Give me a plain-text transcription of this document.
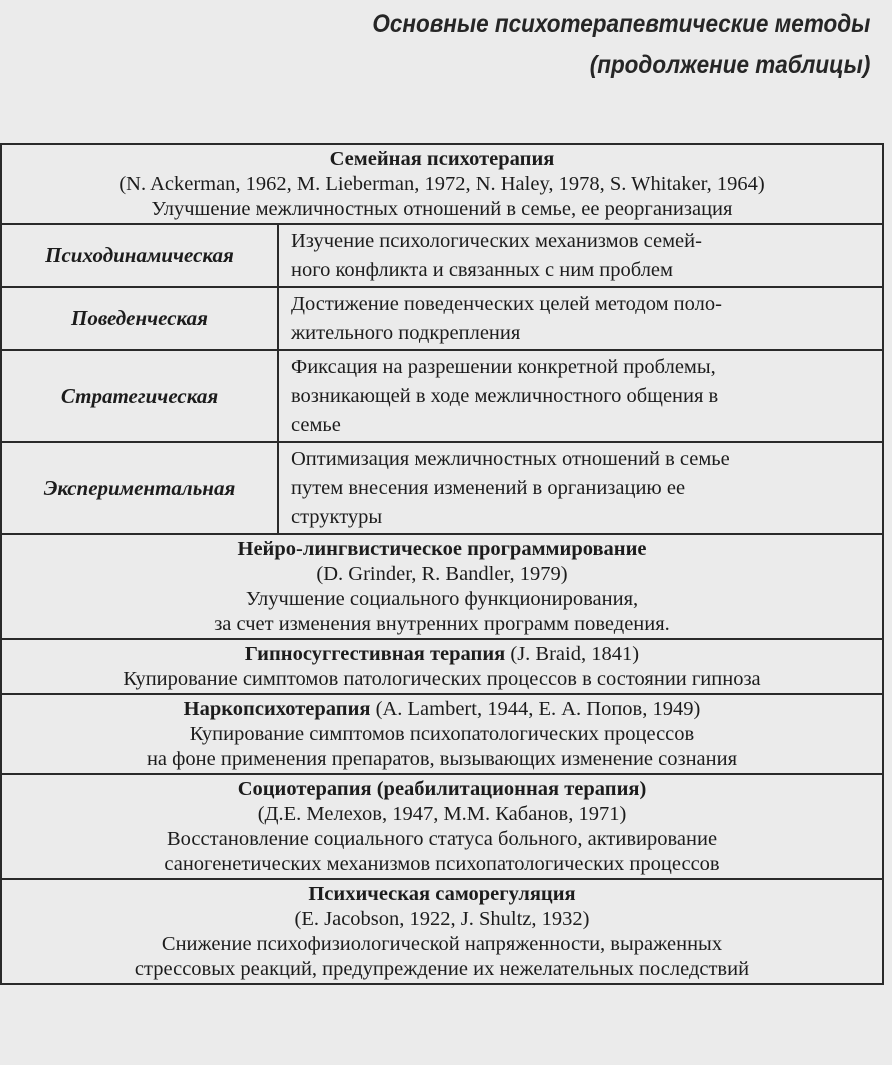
Основные психотерапевтические методы
(продолжение таблицы)
Семейная психотерапия
(N. Ackerman, 1962, M. Lieberman, 1972, N. Haley, 1978, S. Whitaker, 1964)
Улучшение межличностных отношений в семье, ее реорганизация
Психодинамическая
Изучение психологических механизмов семей-
ного конфликта и связанных с ним проблем
Поведенческая
Достижение поведенческих целей методом поло-
жительного подкрепления
Стратегическая
Фиксация на разрешении конкретной проблемы,
возникающей в ходе межличностного общения в
семье
Экспериментальная
Оптимизация межличностных отношений в семье
путем внесения изменений в организацию ее
структуры
Нейро-лингвистическое программирование
(D. Grinder, R. Bandler, 1979)
Улучшение социального функционирования,
за счет изменения внутренних программ поведения.
Гипносуггестивная терапия (J. Braid, 1841)
Купирование симптомов патологических процессов в состоянии гипноза
Наркопсихотерапия (A. Lambert, 1944, Е. А. Попов, 1949)
Купирование симптомов психопатологических процессов
на фоне применения препаратов, вызывающих изменение сознания
Социотерапия (реабилитационная терапия)
(Д.Е. Мелехов, 1947, М.М. Кабанов, 1971)
Восстановление социального статуса больного, активирование
саногенетических механизмов психопатологических процессов
Психическая саморегуляция
(E. Jacobson, 1922, J. Shultz, 1932)
Снижение психофизиологической напряженности, выраженных
стрессовых реакций, предупреждение их нежелательных последствий
